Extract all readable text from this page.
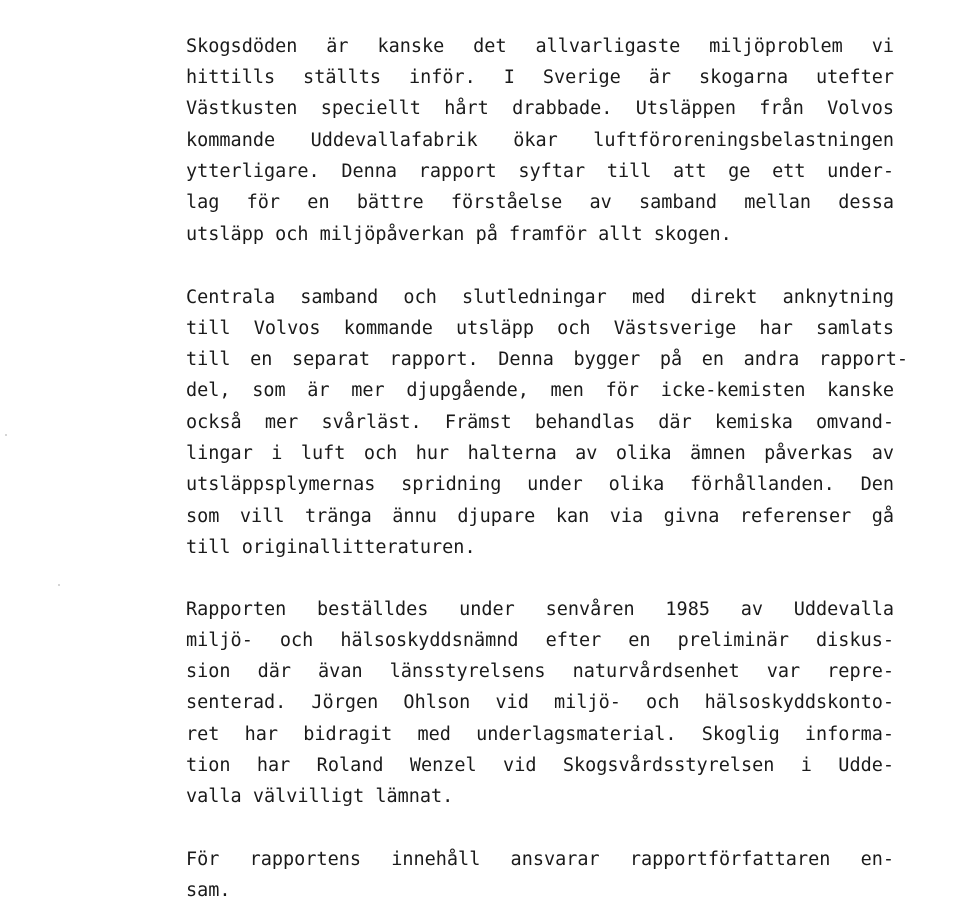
Skogsdöden är kanske det allvarligaste miljöproblem vi
hittills ställts inför. I Sverige är skogarna utefter
Västkusten speciellt hårt drabbade. Utsläppen från Volvos
kommande Uddevallafabrik ökar luftföroreningsbelastningen
ytterligare. Denna rapport syftar till att ge ett under-
lag för en bättre förståelse av samband mellan dessa
utsläpp och miljöpåverkan på framför allt skogen.
Centrala samband och slutledningar med direkt anknytning
till Volvos kommande utsläpp och Västsverige har samlats
till en separat rapport. Denna bygger på en andra rapport-
del, som är mer djupgående, men för icke-kemisten kanske
också mer svårläst. Främst behandlas där kemiska omvand-
lingar i luft och hur halterna av olika ämnen påverkas av
utsläppsplymernas spridning under olika förhållanden. Den
som vill tränga ännu djupare kan via givna referenser gå
till originallitteraturen.
Rapporten beställdes under senvåren 1985 av Uddevalla
miljö- och hälsoskyddsnämnd efter en preliminär diskus-
sion där ävan länsstyrelsens naturvårdsenhet var repre-
senterad. Jörgen Ohlson vid miljö- och hälsoskyddskonto-
ret har bidragit med underlagsmaterial. Skoglig informa-
tion har Roland Wenzel vid Skogsvårdsstyrelsen i Udde-
valla välvilligt lämnat.
För rapportens innehåll ansvarar rapportförfattaren en-
sam.
